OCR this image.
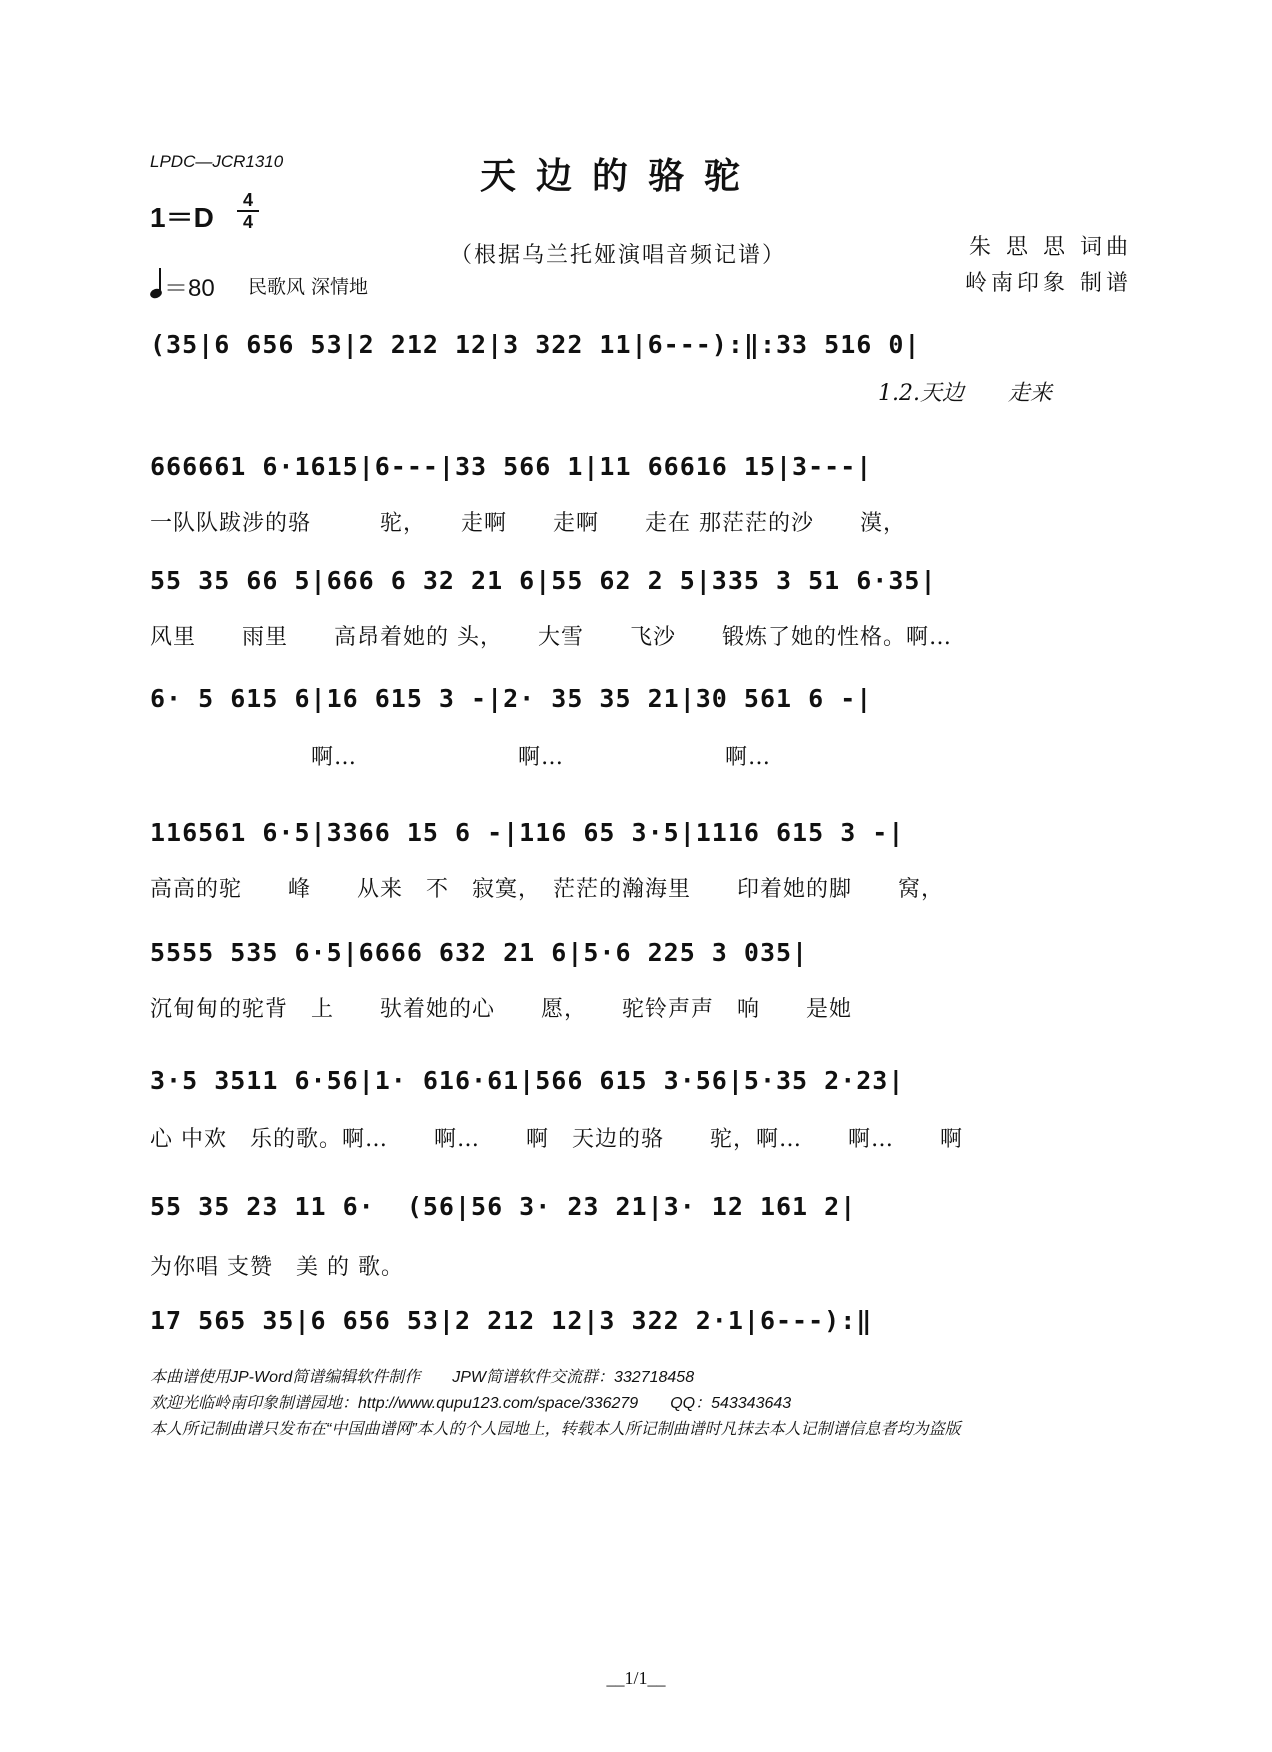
LPDC—JCR1310	天边的骆驼
1＝D
4
4
（根据乌兰托娅演唱音频记谱）	朱 思 思 词曲
岭南印象 制谱
＝80 民歌风 深情地
(35|6 656 53|2 212 12|3 322 11|6---):‖:33 516 0|
1.2.天边　　走来
666661 6·1615|6---|33 566 1|11 66616 15|3---|
一队队跋涉的骆　　　驼，　　走啊　　走啊　　走在 那茫茫的沙　　漠，
55 35 66 5|666 6 32 21 6|55 62 2 5|335 3 51 6·35|
风里　　雨里　　高昂着她的 头，　　大雪　　飞沙　　锻炼了她的性格。啊…
6· 5 615 6|16 615 3 -|2· 35 35 21|30 561 6 -|
　　　　　　　啊…　　　　　　　啊…　　　　　　　啊…
116561 6·5|3366 15 6 -|116 65 3·5|1116 615 3 -|
高高的驼　　峰　　从来　不　寂寞，　茫茫的瀚海里　　印着她的脚　　窝，
5555 535 6·5|6666 632 21 6|5·6 225 3 035|
沉甸甸的驼背　上　　驮着她的心　　愿，　　驼铃声声　响　　是她
3·5 3511 6·56|1· 616·61|566 615 3·56|5·35 2·23|
心 中欢　乐的歌。啊…　　啊…　　啊　天边的骆　　驼，啊…　　啊…　　啊
55 35 23 11 6·  (56|56 3· 23 21|3· 12 161 2|
为你唱 支赞　美 的 歌。
17 565 35|6 656 53|2 212 12|3 322 2·1|6---):‖
本曲谱使用JP-Word简谱编辑软件制作　　JPW简谱软件交流群：332718458
欢迎光临岭南印象制谱园地：http://www.qupu123.com/space/336279　　QQ：543343643
本人所记制曲谱只发布在“中国曲谱网”本人的个人园地上，转载本人所记制曲谱时凡抹去本人记制谱信息者均为盗版
__1/1__
